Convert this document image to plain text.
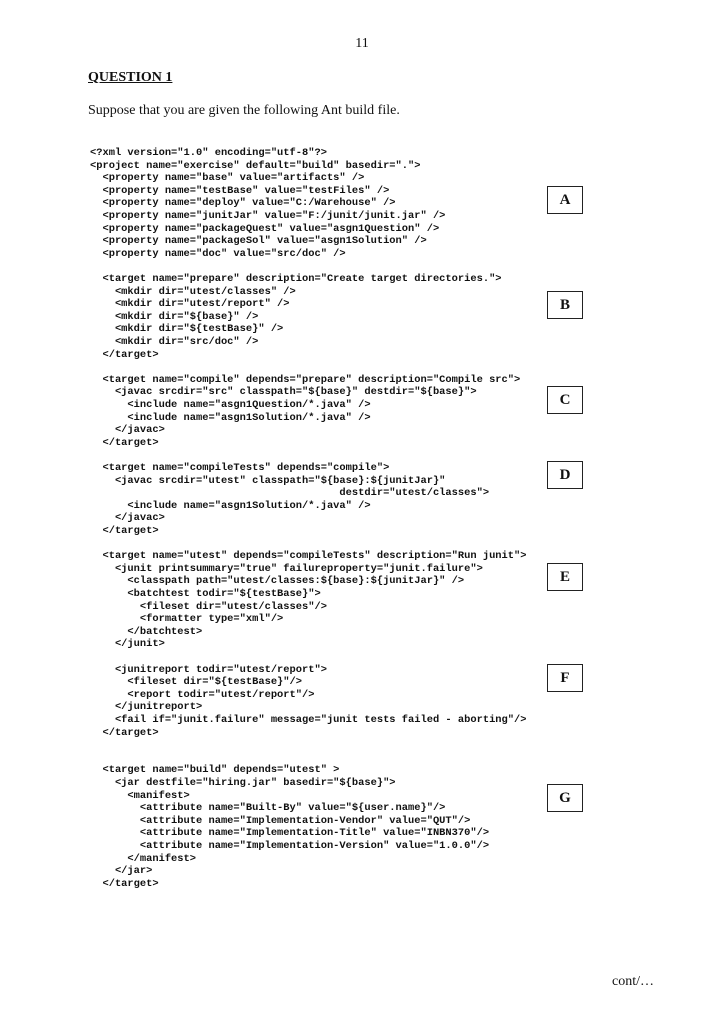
11
QUESTION 1
Suppose that you are given the following Ant build file.
<?xml version="1.0" encoding="utf-8"?>
<project name="exercise" default="build" basedir=".">
<property name="base" value="artifacts" />
<property name="testBase" value="testFiles" />
<property name="deploy" value="C:/Warehouse" />
<property name="junitJar" value="F:/junit/junit.jar" />
<property name="packageQuest" value="asgn1Question" />
<property name="packageSol" value="asgn1Solution" />
<property name="doc" value="src/doc" />
<target name="prepare" description="Create target directories.">
<mkdir dir="utest/classes" />
<mkdir dir="utest/report" />
<mkdir dir="${base}" />
<mkdir dir="${testBase}" />
<mkdir dir="src/doc" />
</target>
<target name="compile" depends="prepare" description="Compile src">
<javac srcdir="src" classpath="${base}" destdir="${base}">
<include name="asgn1Question/*.java" />
<include name="asgn1Solution/*.java" />
</javac>
</target>
<target name="compileTests" depends="compile">
<javac srcdir="utest" classpath="${base}:${junitJar}"
destdir="utest/classes">
<include name="asgn1Solution/*.java" />
</javac>
</target>
<target name="utest" depends="compileTests" description="Run junit">
<junit printsummary="true" failureproperty="junit.failure">
<classpath path="utest/classes:${base}:${junitJar}" />
<batchtest todir="${testBase}">
<fileset dir="utest/classes"/>
<formatter type="xml"/>
</batchtest>
</junit>
<junitreport todir="utest/report">
<fileset dir="${testBase}"/>
<report todir="utest/report"/>
</junitreport>
<fail if="junit.failure" message="junit tests failed - aborting"/>
</target>
<target name="build" depends="utest" >
<jar destfile="hiring.jar" basedir="${base}">
<manifest>
<attribute name="Built-By" value="${user.name}"/>
<attribute name="Implementation-Vendor" value="QUT"/>
<attribute name="Implementation-Title" value="INBN370"/>
<attribute name="Implementation-Version" value="1.0.0"/>
</manifest>
</jar>
</target>
A
B
C
D
E
F
G
cont/…
